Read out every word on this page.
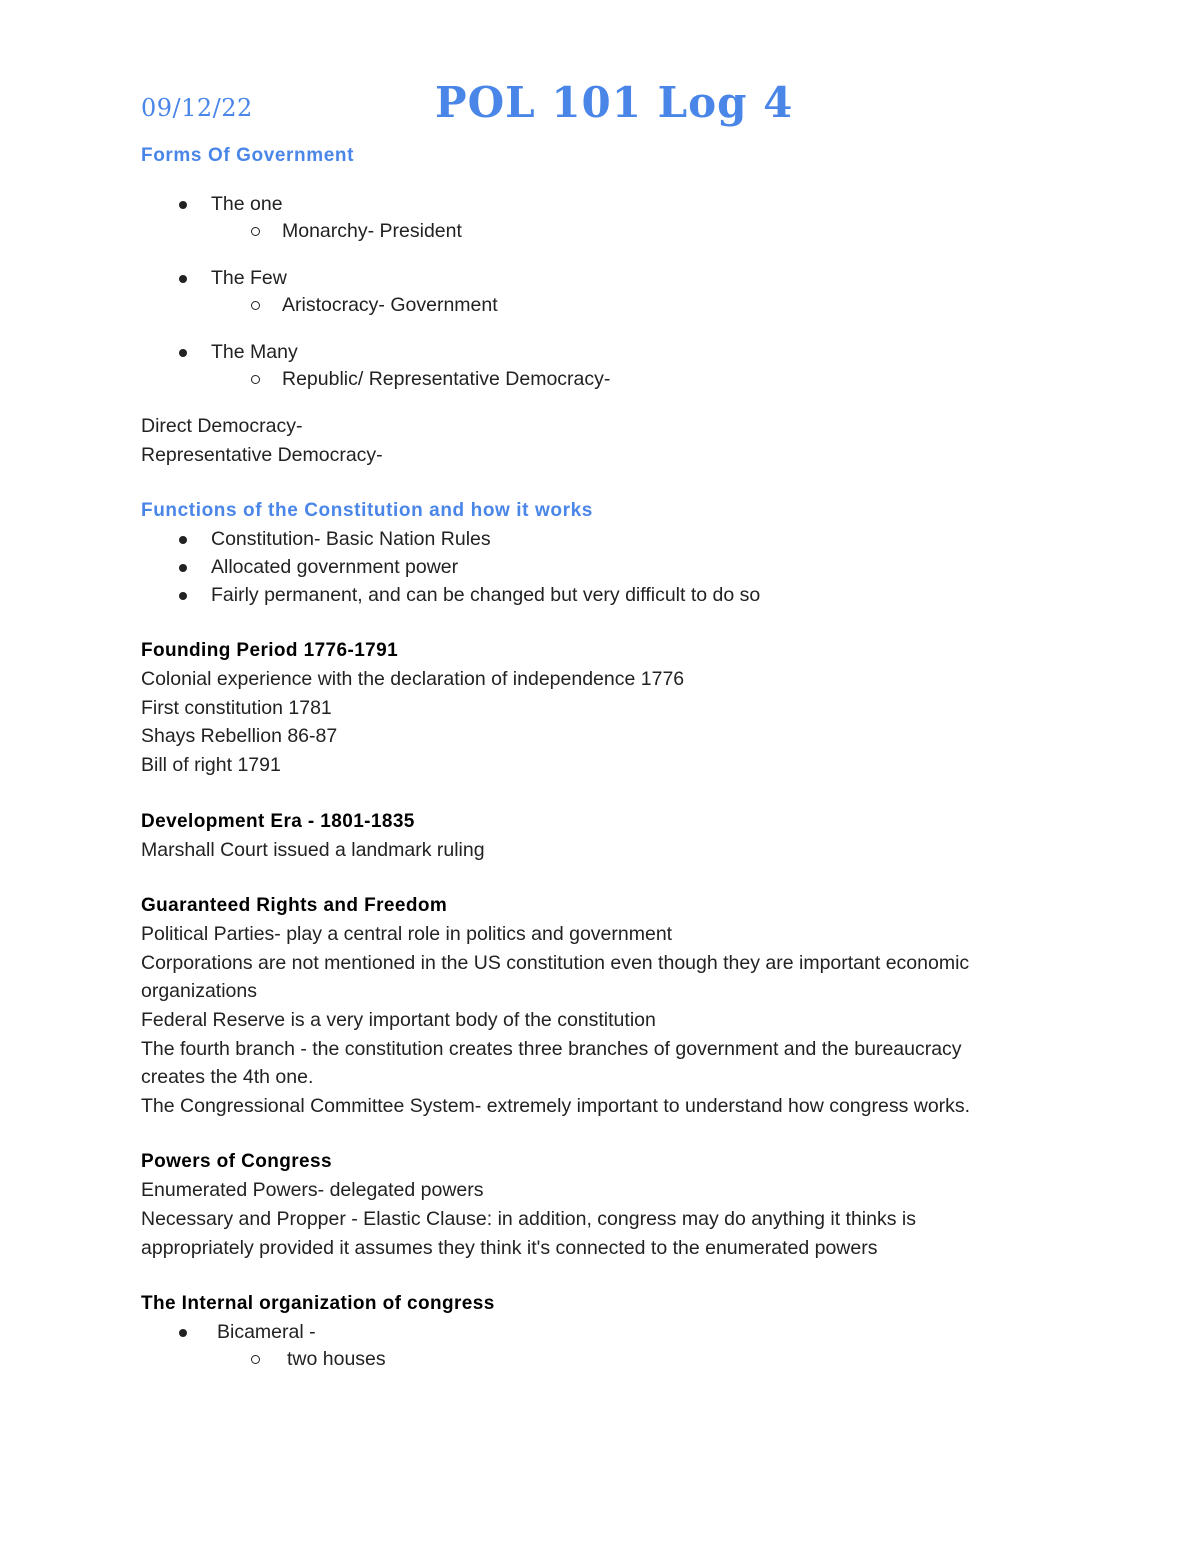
09/12/22	POL 101 Log 4

Forms Of Government

The one
Monarchy- President
The Few
Aristocracy- Government
The Many
Republic/ Representative Democracy-

Direct Democracy-

Representative Democracy-

Functions of the Constitution and how it works

Constitution- Basic Nation Rules
Allocated government power
Fairly permanent, and can be changed but very difficult to do so

Founding Period 1776-1791

Colonial experience with the declaration of independence 1776

First constitution 1781

Shays Rebellion 86-87

Bill of right 1791

Development Era - 1801-1835

Marshall Court issued a landmark ruling

Guaranteed Rights and Freedom

Political Parties- play a central role in politics and government

Corporations are not mentioned in the US constitution even though they are important economic

organizations

Federal Reserve is a very important body of the constitution

The fourth branch - the constitution creates three branches of government and the bureaucracy

creates the 4th one.

The Congressional Committee System- extremely important to understand how congress works.

Powers of Congress

Enumerated Powers- delegated powers

Necessary and Propper - Elastic Clause: in addition, congress may do anything it thinks is

appropriately provided it assumes they think it's connected to the enumerated powers

The Internal organization of congress

Bicameral -
two houses
